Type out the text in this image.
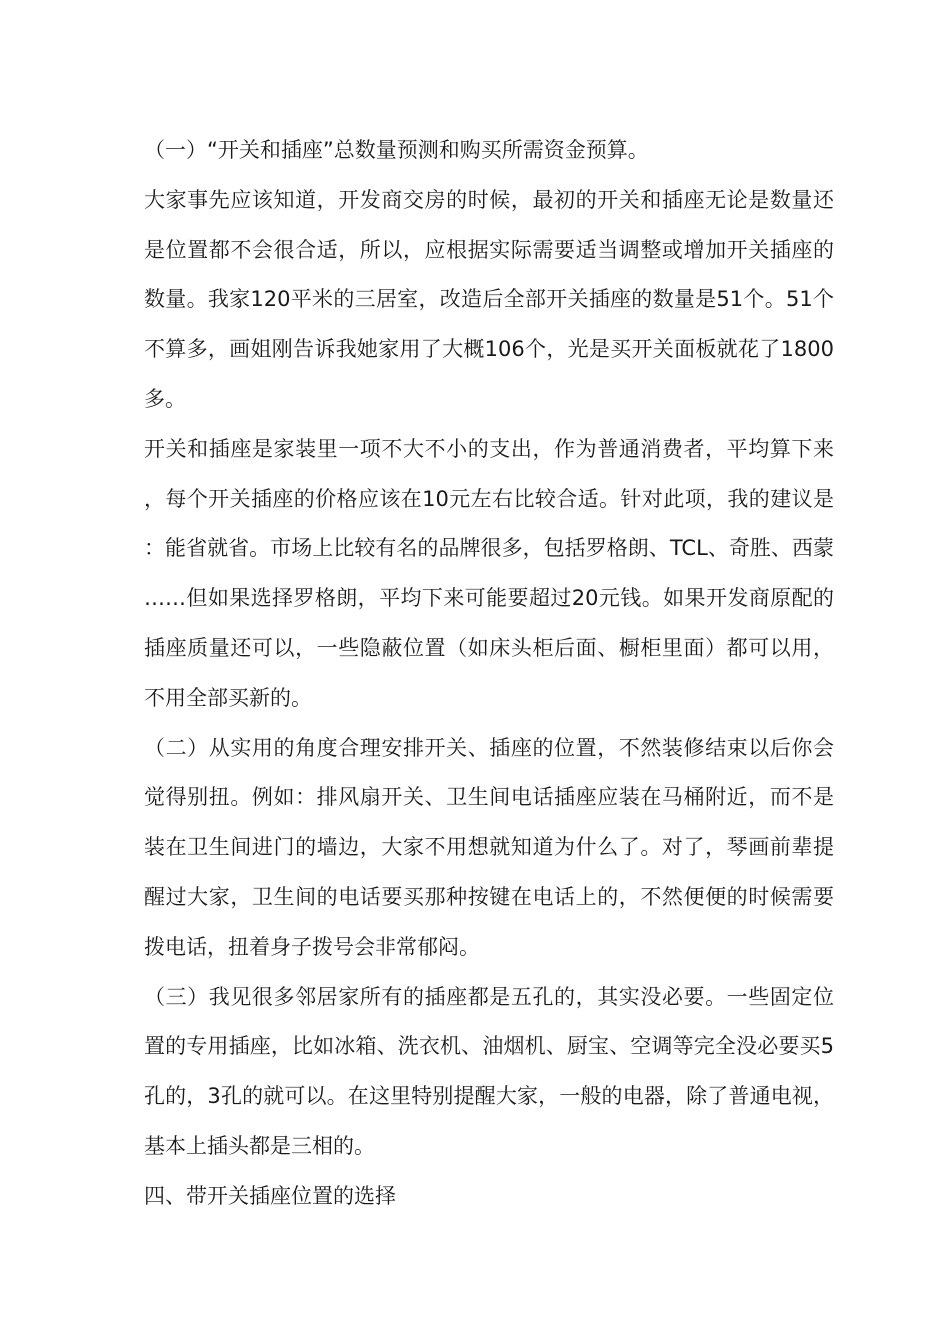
（一）“开关和插座”总数量预测和购买所需资金预算。

大家事先应该知道，开发商交房的时候，最初的开关和插座无论是数量还是位置都不会很合适，所以，应根据实际需要适当调整或增加开关插座的数量。我家120平米的三居室，改造后全部开关插座的数量是51个。51个不算多，画姐刚告诉我她家用了大概106个，光是买开关面板就花了1800多。

开关和插座是家装里一项不大不小的支出，作为普通消费者，平均算下来，每个开关插座的价格应该在10元左右比较合适。针对此项，我的建议是：能省就省。市场上比较有名的品牌很多，包括罗格朗、TCL、奇胜、西蒙……但如果选择罗格朗，平均下来可能要超过20元钱。如果开发商原配的插座质量还可以，一些隐蔽位置（如床头柜后面、橱柜里面）都可以用，不用全部买新的。

（二）从实用的角度合理安排开关、插座的位置，不然装修结束以后你会觉得别扭。例如：排风扇开关、卫生间电话插座应装在马桶附近，而不是装在卫生间进门的墙边，大家不用想就知道为什么了。对了，琴画前辈提醒过大家，卫生间的电话要买那种按键在电话上的，不然便便的时候需要拨电话，扭着身子拨号会非常郁闷。

（三）我见很多邻居家所有的插座都是五孔的，其实没必要。一些固定位置的专用插座，比如冰箱、洗衣机、油烟机、厨宝、空调等完全没必要买5孔的，3孔的就可以。在这里特别提醒大家，一般的电器，除了普通电视，基本上插头都是三相的。

四、带开关插座位置的选择
